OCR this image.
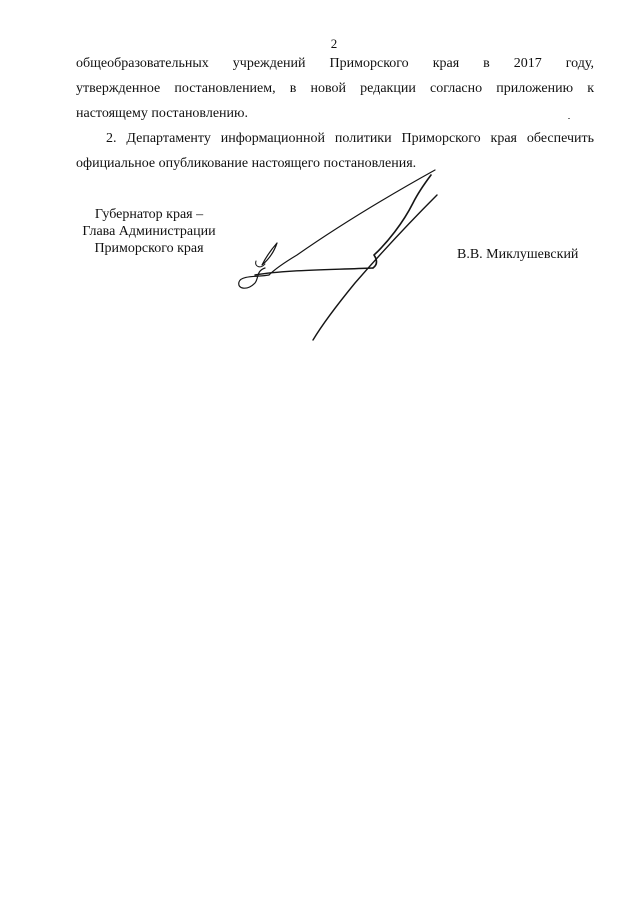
2
общеобразовательных учреждений Приморского края в 2017 году,
утвержденное постановлением, в новой редакции согласно приложению к
настоящему постановлению.
2. Департаменту информационной политики Приморского края обеспечить
официальное опубликование настоящего постановления.
Губернатор края –
Глава Администрации
Приморского края	В.В. Миклушевский
